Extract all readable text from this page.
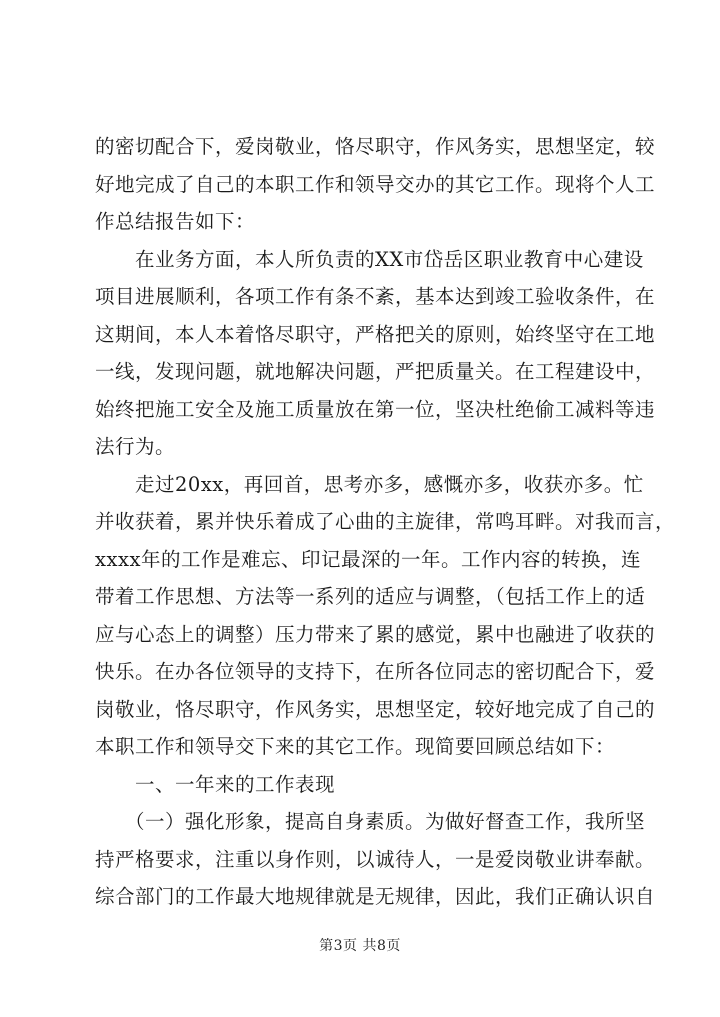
的密切配合下，爱岗敬业，恪尽职守，作风务实，思想坚定，较
好地完成了自己的本职工作和领导交办的其它工作。现将个人工
作总结报告如下：
在业务方面，本人所负责的XX市岱岳区职业教育中心建设
项目进展顺利，各项工作有条不紊，基本达到竣工验收条件，在
这期间，本人本着恪尽职守，严格把关的原则，始终坚守在工地
一线，发现问题，就地解决问题，严把质量关。在工程建设中，
始终把施工安全及施工质量放在第一位，坚决杜绝偷工减料等违
法行为。
走过20xx，再回首，思考亦多，感慨亦多，收获亦多。忙
并收获着，累并快乐着成了心曲的主旋律，常鸣耳畔。对我而言，
xxxx年的工作是难忘、印记最深的一年。工作内容的转换，连
带着工作思想、方法等一系列的适应与调整，（包括工作上的适
应与心态上的调整）压力带来了累的感觉，累中也融进了收获的
快乐。在办各位领导的支持下，在所各位同志的密切配合下，爱
岗敬业，恪尽职守，作风务实，思想坚定，较好地完成了自己的
本职工作和领导交下来的其它工作。现简要回顾总结如下：
一、一年来的工作表现
（一）强化形象，提高自身素质。为做好督查工作，我所坚
持严格要求，注重以身作则，以诚待人，一是爱岗敬业讲奉献。
综合部门的工作最大地规律就是无规律，因此，我们正确认识自
第3页 共8页
